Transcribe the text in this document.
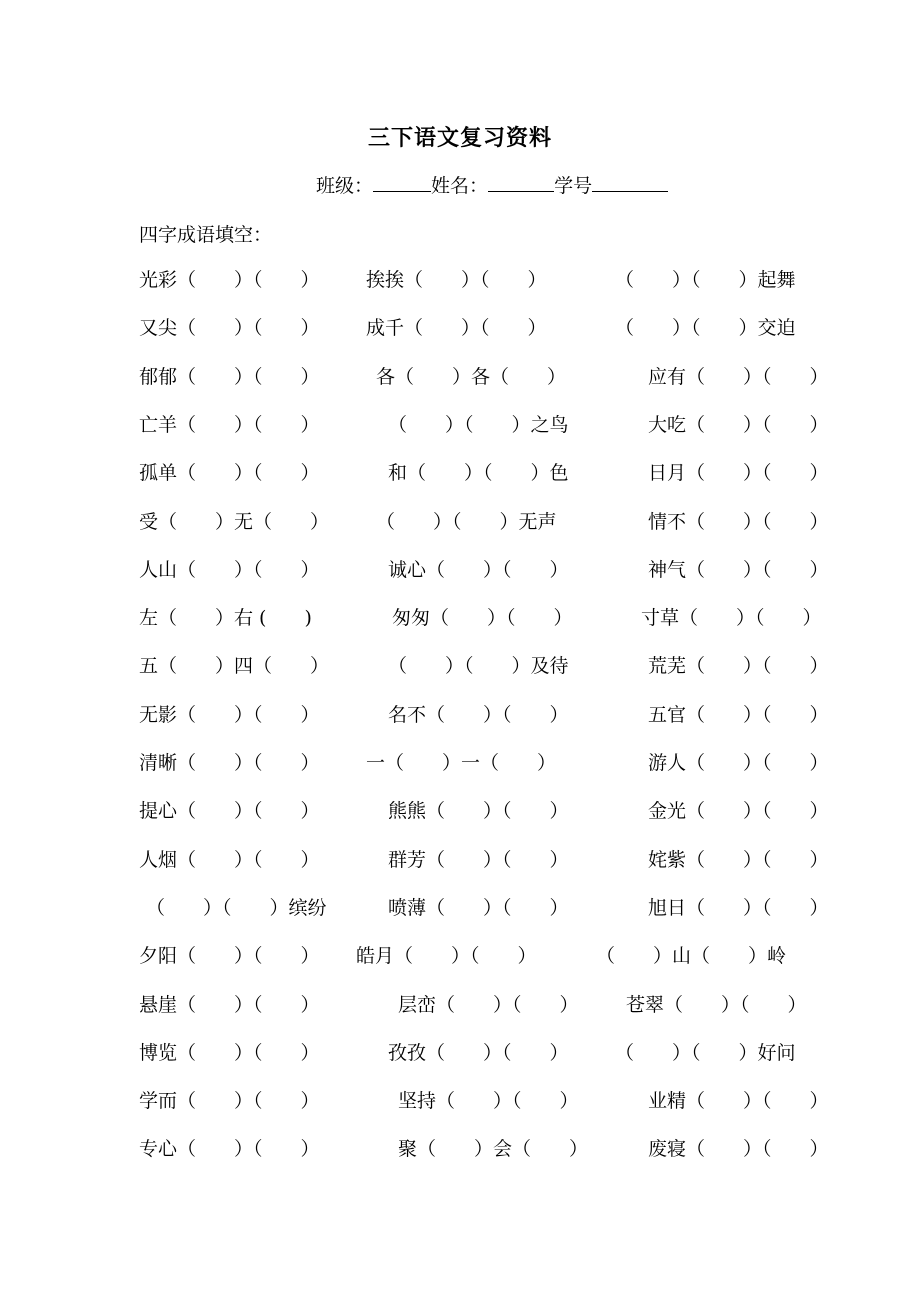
三下语文复习资料
班级：	姓名：	学号
四字成语填空：
光彩（　　）（　　） 挨挨（　　）（　　）	（　　）（　　）起舞
又尖（　　）（　　） 成千（　　）（　　）	（　　）（　　）交迫
郁郁（　　）（　　）	各（　　）各（　　）	应有（　　）（　　）
亡羊（　　）（　　）	（　　）（　　）之鸟	大吃（　　）（　　）
孤单（　　）（　　）	和（　　）（　　）色	日月（　　）（　　）
受（　　）无（　　） （　　）（　　）无声	情不（　　）（　　）
人山（　　）（　　）	诚心（　　）（　　）	神气（　　）（　　）
左（　　）右 (　　)	匆匆（　　）（　　）	寸草（　　）（　　）
五（　　）四（　　）	（　　）（　　）及待	荒芜（　　）（　　）
无影（　　）（　　）	名不（　　）（　　）	五官（　　）（　　）
清晰（　　）（　　） 一（　　）一（　　）	游人（　　）（　　）
提心（　　）（　　）	熊熊（　　）（　　）	金光（　　）（　　）
人烟（　　）（　　）	群芳（　　）（　　）	姹紫（　　）（　　）
（　　）（　　）缤纷	喷薄（　　）（　　）	旭日（　　）（　　）
夕阳（　　）（　　） 皓月（　　）（　　）	（　　）山（　　）岭
悬崖（　　）（　　）	层峦（　　）（　　） 苍翠（　　）（　　）
博览（　　）（　　）	孜孜（　　）（　　） （　　）（　　）好问
学而（　　）（　　）	坚持（　　）（　　）	业精（　　）（　　）
专心（　　）（　　）	聚（　　）会（　　）	废寝（　　）（　　）
